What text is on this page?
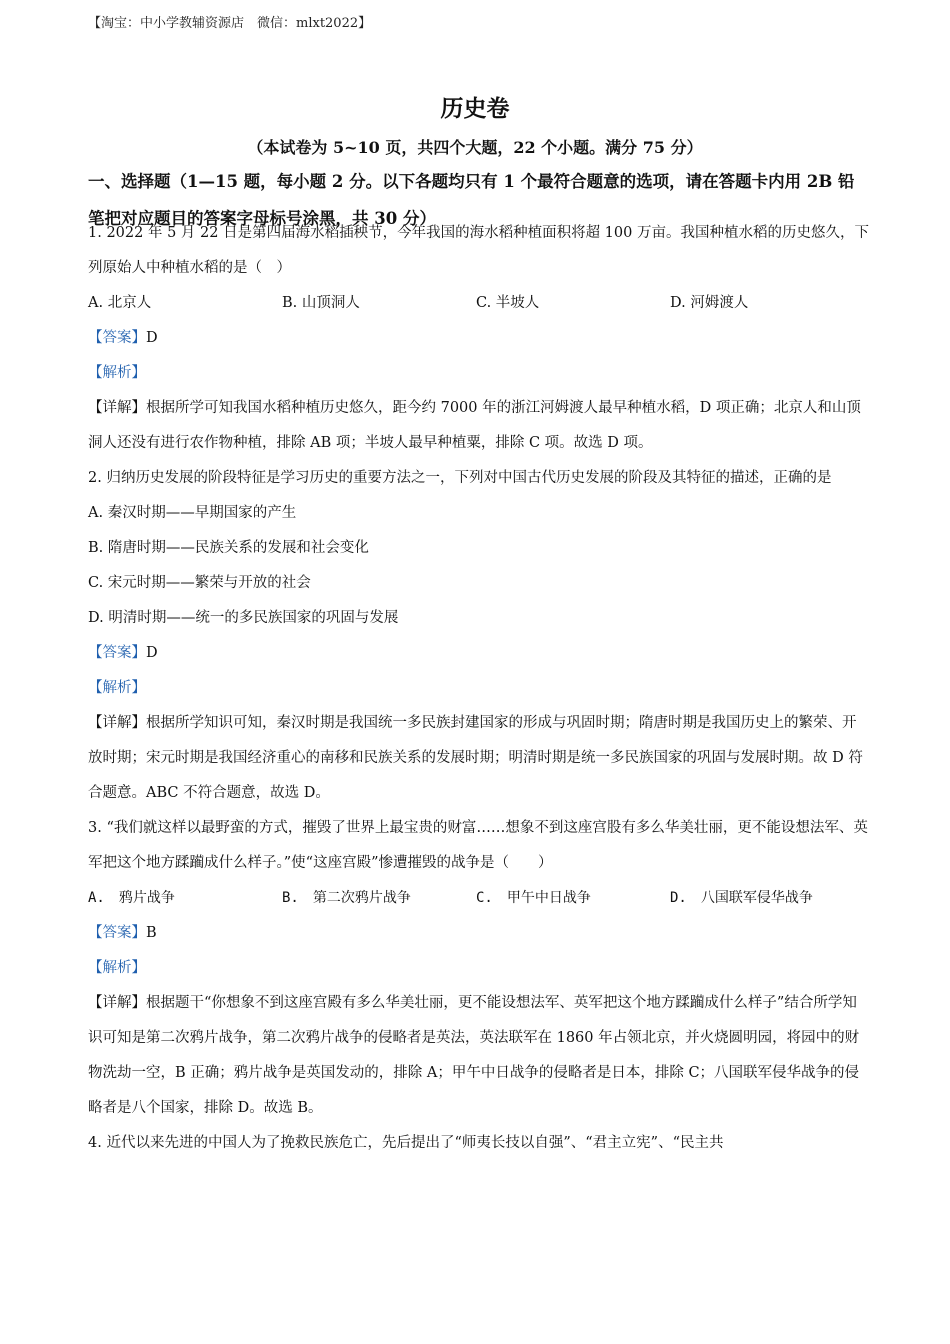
【淘宝：中小学教辅资源店　微信：mlxt2022】
历史卷
（本试卷为 5~10 页，共四个大题，22 个小题。满分 75 分）
一、选择题（1—15 题，每小题 2 分。以下各题均只有 1 个最符合题意的选项，请在答题卡内用 2B 铅笔把对应题目的答案字母标号涂黑，共 30 分）

1. 2022 年 5 月 22 日是第四届海水稻插秧节，今年我国的海水稻种植面积将超 100 万亩。我国种植水稻的历史悠久，下列原始人中种植水稻的是（　）

A. 北京人	B. 山顶洞人	C. 半坡人	D. 河姆渡人

【答案】D

【解析】

【详解】根据所学可知我国水稻种植历史悠久，距今约 7000 年的浙江河姆渡人最早种植水稻，D 项正确；北京人和山顶洞人还没有进行农作物种植，排除 AB 项；半坡人最早种植粟，排除 C 项。故选 D 项。

2. 归纳历史发展的阶段特征是学习历史的重要方法之一，下列对中国古代历史发展的阶段及其特征的描述，正确的是

A. 秦汉时期——早期国家的产生

B. 隋唐时期——民族关系的发展和社会变化

C. 宋元时期——繁荣与开放的社会

D. 明清时期——统一的多民族国家的巩固与发展

【答案】D

【解析】

【详解】根据所学知识可知，秦汉时期是我国统一多民族封建国家的形成与巩固时期；隋唐时期是我国历史上的繁荣、开放时期；宋元时期是我国经济重心的南移和民族关系的发展时期；明清时期是统一多民族国家的巩固与发展时期。故 D 符合题意。ABC 不符合题意，故选 D。

3. “我们就这样以最野蛮的方式，摧毁了世界上最宝贵的财富……想象不到这座宫股有多么华美壮丽，更不能设想法军、英军把这个地方蹂躏成什么样子。”使“这座宫殿”惨遭摧毁的战争是（　　）

A.　鸦片战争	B.　第二次鸦片战争	C.　甲午中日战争	D.　八国联军侵华战争

【答案】B

【解析】

【详解】根据题干“你想象不到这座宫殿有多么华美壮丽，更不能设想法军、英军把这个地方蹂躏成什么样子”结合所学知识可知是第二次鸦片战争，第二次鸦片战争的侵略者是英法，英法联军在 1860 年占领北京，并火烧圆明园，将园中的财物洗劫一空，B 正确；鸦片战争是英国发动的，排除 A；甲午中日战争的侵略者是日本，排除 C；八国联军侵华战争的侵略者是八个国家，排除 D。故选 B。

4. 近代以来先进的中国人为了挽救民族危亡，先后提出了“师夷长技以自强”、“君主立宪”、“民主共
